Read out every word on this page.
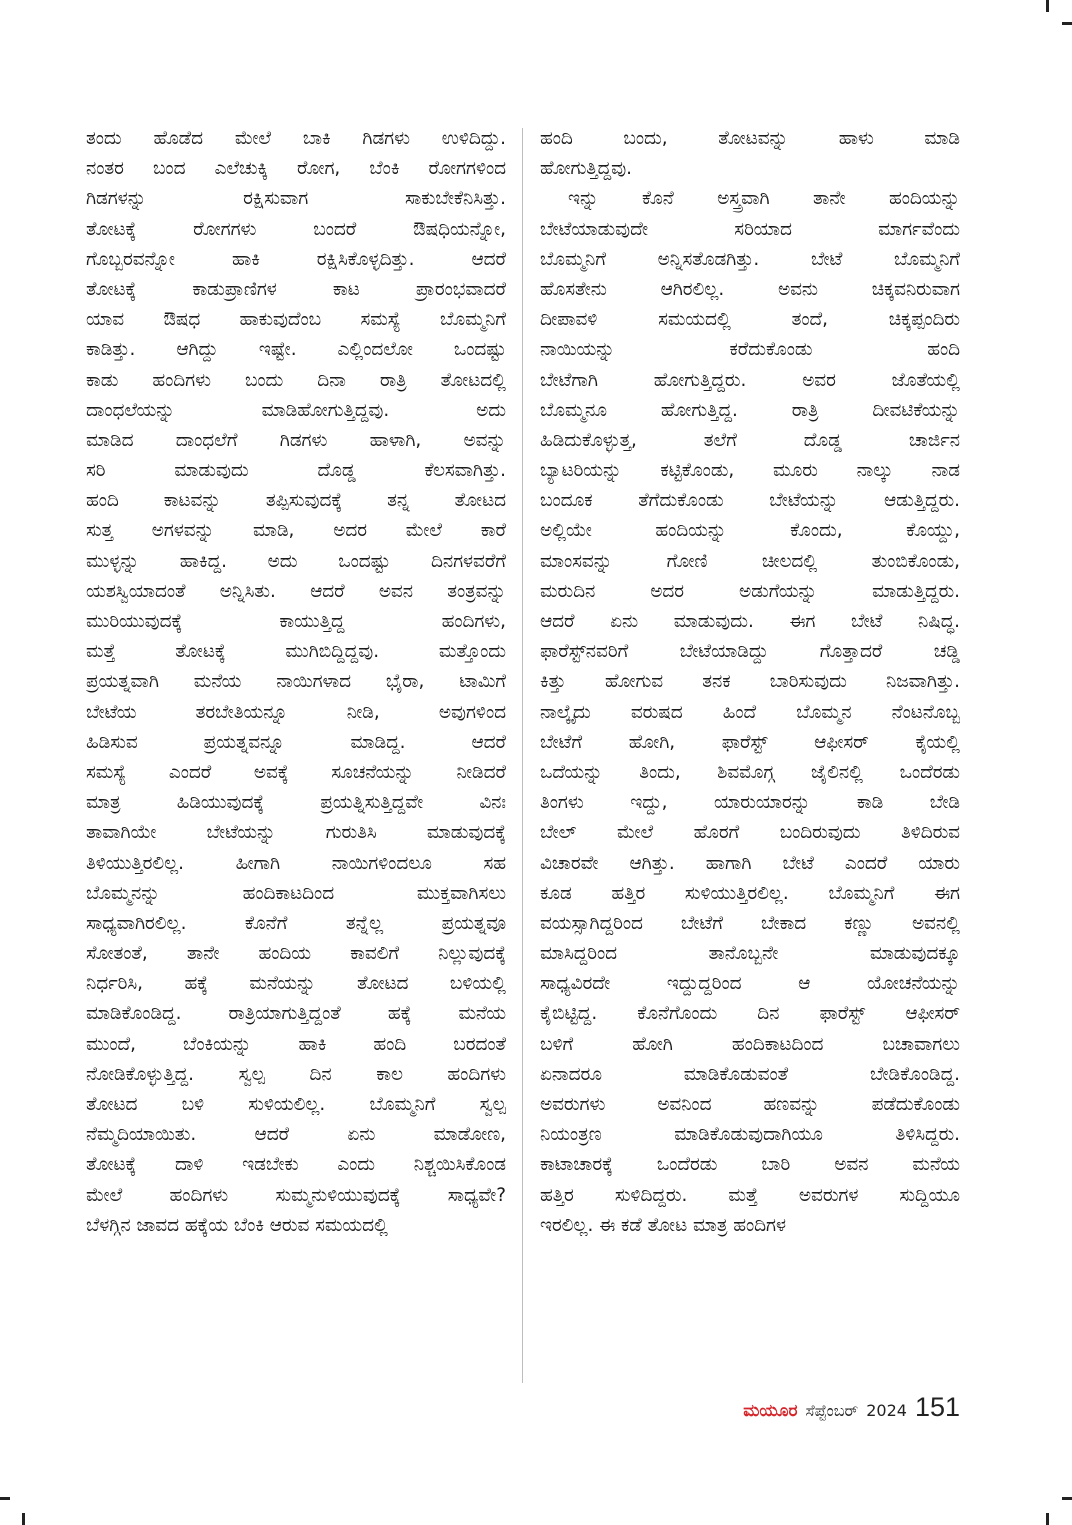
ತಂದು ಹೊಡೆದ ಮೇಲೆ ಬಾಕಿ ಗಿಡಗಳು ಉಳಿದಿದ್ದು.
ನಂತರ ಬಂದ ಎಲೆಚುಕ್ಕಿ ರೋಗ, ಬೆಂಕಿ ರೋಗಗಳಿಂದ
ಗಿಡಗಳನ್ನು ರಕ್ಷಿಸುವಾಗ ಸಾಕುಬೇಕೆನಿಸಿತ್ತು.
ತೋಟಕ್ಕೆ ರೋಗಗಳು ಬಂದರೆ ಔಷಧಿಯನ್ನೋ,
ಗೊಬ್ಬರವನ್ನೋ ಹಾಕಿ ರಕ್ಷಿಸಿಕೊಳ್ಳದಿತ್ತು. ಆದರೆ
ತೋಟಕ್ಕೆ ಕಾಡುಪ್ರಾಣಿಗಳ ಕಾಟ ಪ್ರಾರಂಭವಾದರೆ
ಯಾವ ಔಷಧ ಹಾಕುವುದೆಂಬ ಸಮಸ್ಯೆ ಬೊಮ್ಮನಿಗೆ
ಕಾಡಿತ್ತು. ಆಗಿದ್ದು ಇಷ್ಟೇ. ಎಲ್ಲಿಂದಲೋ ಒಂದಷ್ಟು
ಕಾಡು ಹಂದಿಗಳು ಬಂದು ದಿನಾ ರಾತ್ರಿ ತೋಟದಲ್ಲಿ
ದಾಂಧಲೆಯನ್ನು ಮಾಡಿಹೋಗುತ್ತಿದ್ದವು. ಅದು
ಮಾಡಿದ ದಾಂಧಲೆಗೆ ಗಿಡಗಳು ಹಾಳಾಗಿ, ಅವನ್ನು
ಸರಿ ಮಾಡುವುದು ದೊಡ್ಡ ಕೆಲಸವಾಗಿತ್ತು.
ಹಂದಿ ಕಾಟವನ್ನು ತಪ್ಪಿಸುವುದಕ್ಕೆ ತನ್ನ ತೋಟದ
ಸುತ್ತ ಅಗಳವನ್ನು ಮಾಡಿ, ಅದರ ಮೇಲೆ ಕಾರೆ
ಮುಳ್ಳನ್ನು ಹಾಕಿದ್ದ. ಅದು ಒಂದಷ್ಟು ದಿನಗಳವರೆಗೆ
ಯಶಸ್ವಿಯಾದಂತೆ ಅನ್ನಿಸಿತು. ಆದರೆ ಅವನ ತಂತ್ರವನ್ನು
ಮುರಿಯುವುದಕ್ಕೆ ಕಾಯುತ್ತಿದ್ದ ಹಂದಿಗಳು,
ಮತ್ತೆ ತೋಟಕ್ಕೆ ಮುಗಿಬಿದ್ದಿದ್ದವು. ಮತ್ತೊಂದು
ಪ್ರಯತ್ನವಾಗಿ ಮನೆಯ ನಾಯಿಗಳಾದ ಭೈರಾ, ಟಾಮಿಗೆ
ಬೇಟೆಯ ತರಬೇತಿಯನ್ನೂ ನೀಡಿ, ಅವುಗಳಿಂದ
ಹಿಡಿಸುವ ಪ್ರಯತ್ನವನ್ನೂ ಮಾಡಿದ್ದ. ಆದರೆ
ಸಮಸ್ಯೆ ಎಂದರೆ ಅವಕ್ಕೆ ಸೂಚನೆಯನ್ನು ನೀಡಿದರೆ
ಮಾತ್ರ ಹಿಡಿಯುವುದಕ್ಕೆ ಪ್ರಯತ್ನಿಸುತ್ತಿದ್ದವೇ ವಿನಃ
ತಾವಾಗಿಯೇ ಬೇಟೆಯನ್ನು ಗುರುತಿಸಿ ಮಾಡುವುದಕ್ಕೆ
ತಿಳಿಯುತ್ತಿರಲಿಲ್ಲ. ಹೀಗಾಗಿ ನಾಯಿಗಳಿಂದಲೂ ಸಹ
ಬೊಮ್ಮನನ್ನು ಹಂದಿಕಾಟದಿಂದ ಮುಕ್ತವಾಗಿಸಲು
ಸಾಧ್ಯವಾಗಿರಲಿಲ್ಲ. ಕೊನೆಗೆ ತನ್ನೆಲ್ಲ ಪ್ರಯತ್ನವೂ
ಸೋತಂತೆ, ತಾನೇ ಹಂದಿಯ ಕಾವಲಿಗೆ ನಿಲ್ಲುವುದಕ್ಕೆ
ನಿರ್ಧರಿಸಿ, ಹಕ್ಕೆ ಮನೆಯನ್ನು ತೋಟದ ಬಳಿಯಲ್ಲಿ
ಮಾಡಿಕೊಂಡಿದ್ದ. ರಾತ್ರಿಯಾಗುತ್ತಿದ್ದಂತೆ ಹಕ್ಕೆ ಮನೆಯ
ಮುಂದೆ, ಬೆಂಕಿಯನ್ನು ಹಾಕಿ ಹಂದಿ ಬರದಂತೆ
ನೋಡಿಕೊಳ್ಳುತ್ತಿದ್ದ. ಸ್ವಲ್ಪ ದಿನ ಕಾಲ ಹಂದಿಗಳು
ತೋಟದ ಬಳಿ ಸುಳಿಯಲಿಲ್ಲ. ಬೊಮ್ಮನಿಗೆ ಸ್ವಲ್ಪ
ನೆಮ್ಮದಿಯಾಯಿತು. ಆದರೆ ಏನು ಮಾಡೋಣ,
ತೋಟಕ್ಕೆ ದಾಳಿ ಇಡಬೇಕು ಎಂದು ನಿಶ್ಚಯಿಸಿಕೊಂಡ
ಮೇಲೆ ಹಂದಿಗಳು ಸುಮ್ಮನುಳಿಯುವುದಕ್ಕೆ ಸಾಧ್ಯವೇ?
ಬೆಳಗ್ಗಿನ ಜಾವದ ಹಕ್ಕೆಯ ಬೆಂಕಿ ಆರುವ ಸಮಯದಲ್ಲಿ
ಹಂದಿ ಬಂದು, ತೋಟವನ್ನು ಹಾಳು ಮಾಡಿ
ಹೋಗುತ್ತಿದ್ದವು.
ಇನ್ನು ಕೊನೆ ಅಸ್ತ್ರವಾಗಿ ತಾನೇ ಹಂದಿಯನ್ನು
ಬೇಟೆಯಾಡುವುದೇ ಸರಿಯಾದ ಮಾರ್ಗವೆಂದು
ಬೊಮ್ಮನಿಗೆ ಅನ್ನಿಸತೊಡಗಿತ್ತು. ಬೇಟೆ ಬೊಮ್ಮನಿಗೆ
ಹೊಸತೇನು ಆಗಿರಲಿಲ್ಲ. ಅವನು ಚಿಕ್ಕವನಿರುವಾಗ
ದೀಪಾವಳಿ ಸಮಯದಲ್ಲಿ ತಂದೆ, ಚಿಕ್ಕಪ್ಪಂದಿರು
ನಾಯಿಯನ್ನು ಕರೆದುಕೊಂಡು ಹಂದಿ
ಬೇಟೆಗಾಗಿ ಹೋಗುತ್ತಿದ್ದರು. ಅವರ ಜೊತೆಯಲ್ಲಿ
ಬೊಮ್ಮನೂ ಹೋಗುತ್ತಿದ್ದ. ರಾತ್ರಿ ದೀವಟಿಕೆಯನ್ನು
ಹಿಡಿದುಕೊಳ್ಳುತ್ತ, ತಲೆಗೆ ದೊಡ್ಡ ಚಾರ್ಜಿನ
ಬ್ಯಾಟರಿಯನ್ನು ಕಟ್ಟಿಕೊಂಡು, ಮೂರು ನಾಲ್ಕು ನಾಡ
ಬಂದೂಕ ತೆಗೆದುಕೊಂಡು ಬೇಟೆಯನ್ನು ಆಡುತ್ತಿದ್ದರು.
ಅಲ್ಲಿಯೇ ಹಂದಿಯನ್ನು ಕೊಂದು, ಕೊಯ್ದು,
ಮಾಂಸವನ್ನು ಗೋಣಿ ಚೀಲದಲ್ಲಿ ತುಂಬಿಕೊಂಡು,
ಮರುದಿನ ಅದರ ಅಡುಗೆಯನ್ನು ಮಾಡುತ್ತಿದ್ದರು.
ಆದರೆ ಏನು ಮಾಡುವುದು. ಈಗ ಬೇಟೆ ನಿಷಿದ್ಧ.
ಫಾರೆಸ್ಟ್‌ನವರಿಗೆ ಬೇಟೆಯಾಡಿದ್ದು ಗೊತ್ತಾದರೆ ಚಡ್ಡಿ
ಕಿತ್ತು ಹೋಗುವ ತನಕ ಬಾರಿಸುವುದು ನಿಜವಾಗಿತ್ತು.
ನಾಲ್ಕೈದು ವರುಷದ ಹಿಂದೆ ಬೊಮ್ಮನ ನೆಂಟನೊಬ್ಬ
ಬೇಟೆಗೆ ಹೋಗಿ, ಫಾರೆಸ್ಟ್ ಆಫೀಸರ್ ಕೈಯಲ್ಲಿ
ಒದೆಯನ್ನು ತಿಂದು, ಶಿವಮೊಗ್ಗ ಜೈಲಿನಲ್ಲಿ ಒಂದೆರಡು
ತಿಂಗಳು ಇದ್ದು, ಯಾರುಯಾರನ್ನು ಕಾಡಿ ಬೇಡಿ
ಬೇಲ್ ಮೇಲೆ ಹೊರಗೆ ಬಂದಿರುವುದು ತಿಳಿದಿರುವ
ವಿಚಾರವೇ ಆಗಿತ್ತು. ಹಾಗಾಗಿ ಬೇಟೆ ಎಂದರೆ ಯಾರು
ಕೂಡ ಹತ್ತಿರ ಸುಳಿಯುತ್ತಿರಲಿಲ್ಲ. ಬೊಮ್ಮನಿಗೆ ಈಗ
ವಯಸ್ಸಾಗಿದ್ದರಿಂದ ಬೇಟೆಗೆ ಬೇಕಾದ ಕಣ್ಣು ಅವನಲ್ಲಿ
ಮಾಸಿದ್ದರಿಂದ ತಾನೊಬ್ಬನೇ ಮಾಡುವುದಕ್ಕೂ
ಸಾಧ್ಯವಿರದೇ ಇದ್ದುದ್ದರಿಂದ ಆ ಯೋಚನೆಯನ್ನು
ಕೈಬಿಟ್ಟಿದ್ದ. ಕೊನೆಗೊಂದು ದಿನ ಫಾರೆಸ್ಟ್ ಆಫೀಸರ್
ಬಳಿಗೆ ಹೋಗಿ ಹಂದಿಕಾಟದಿಂದ ಬಚಾವಾಗಲು
ಏನಾದರೂ ಮಾಡಿಕೊಡುವಂತೆ ಬೇಡಿಕೊಂಡಿದ್ದ.
ಅವರುಗಳು ಅವನಿಂದ ಹಣವನ್ನು ಪಡೆದುಕೊಂಡು
ನಿಯಂತ್ರಣ ಮಾಡಿಕೊಡುವುದಾಗಿಯೂ ತಿಳಿಸಿದ್ದರು.
ಕಾಟಾಚಾರಕ್ಕೆ ಒಂದೆರಡು ಬಾರಿ ಅವನ ಮನೆಯ
ಹತ್ತಿರ ಸುಳಿದಿದ್ದರು. ಮತ್ತೆ ಅವರುಗಳ ಸುದ್ದಿಯೂ
ಇರಲಿಲ್ಲ. ಈ ಕಡೆ ತೋಟ ಮಾತ್ರ ಹಂದಿಗಳ
ಮಯೂರ ಸೆಪ್ಟೆಂಬರ್ 2024 151
